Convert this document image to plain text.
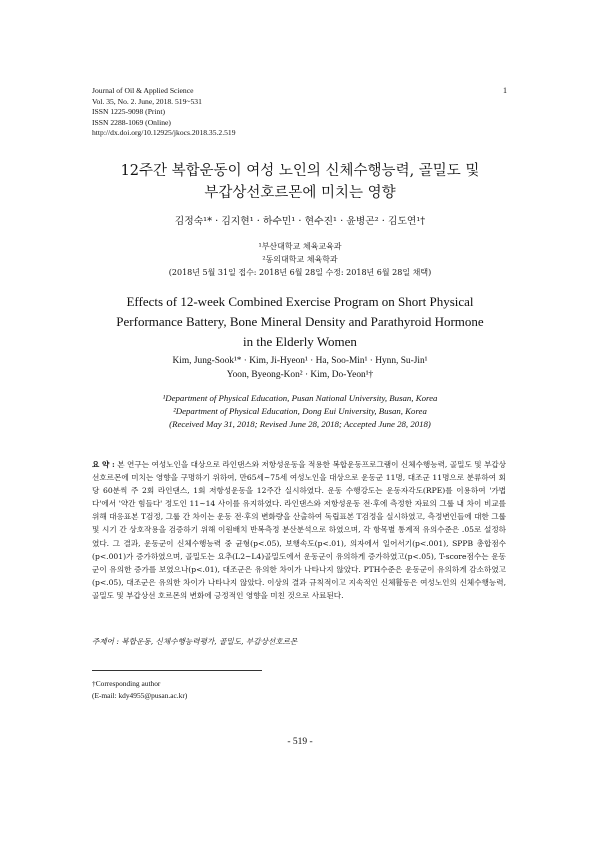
Journal of Oil & Applied Science
Vol. 35, No. 2. June, 2018. 519~531
ISSN 1225-9098 (Print)
ISSN 2288-1069 (Online)
http://dx.doi.org/10.12925/jkocs.2018.35.2.519
1
12주간 복합운동이 여성 노인의 신체수행능력, 골밀도 및
부갑상선호르몬에 미치는 영향
김정숙¹* · 김지현¹ · 하수민¹ · 현수진¹ · 윤병곤² · 김도연¹†
¹부산대학교 체육교육과
²동의대학교 체육학과
(2018년 5월 31일 접수: 2018년 6월 28일 수정: 2018년 6월 28일 채택)
Effects of 12-week Combined Exercise Program on Short Physical
Performance Battery, Bone Mineral Density and Parathyroid Hormone
in the Elderly Women
Kim, Jung-Sook¹* · Kim, Ji-Hyeon¹ · Ha, Soo-Min¹ · Hynn, Su-Jin¹
Yoon, Byeong-Kon² · Kim, Do-Yeon¹†
¹Department of Physical Education, Pusan National University, Busan, Korea
²Department of Physical Education, Dong Eui University, Busan, Korea
(Received May 31, 2018; Revised June 28, 2018; Accepted June 28, 2018)
요 약 : 본 연구는 여성노인을 대상으로 라인댄스와 저항성운동을 적용한 복합운동프로그램이 신체수행능력, 골밀도 및 부갑상선호르몬에 미치는 영향을 구명하기 위하여, 만65세~75세 여성노인을 대상으로 운동군 11명, 대조군 11명으로 분류하여 회당 60분씩 주 2회 라인댄스, 1회 저항성운동을 12주간 실시하였다. 운동 수행강도는 운동자각도(RPE)를 이용하여 '가볍다'에서 '약간 힘들다' 정도인 11~14 사이를 유지하였다. 라인댄스와 저항성운동 전·후에 측정한 자료의 그룹 내 차이 비교를 위해 대응표본 T검정, 그룹 간 차이는 운동 전·후의 변화량을 산출하여 독립표본 T검정을 실시하였고, 측정변인들에 대한 그룹 및 시기 간 상호작용을 검증하기 위해 이원배치 반복측정 분산분석으로 하였으며, 각 항목별 통계적 유의수준은 .05로 설정하였다. 그 결과, 운동군이 신체수행능력 중 균형(p<.05), 보행속도(p<.01), 의자에서 일어서기(p<.001), SPPB 총합점수(p<.001)가 증가하였으며, 골밀도는 요추(L2~L4)골밀도에서 운동군이 유의하게 증가하였고(p<.05), T-score점수는 운동군이 유의한 증가를 보였으나(p<.01), 대조군은 유의한 차이가 나타나지 않았다. PTH수준은 운동군이 유의하게 감소하였고(p<.05), 대조군은 유의한 차이가 나타나지 않았다. 이상의 결과 규칙적이고 지속적인 신체활동은 여성노인의 신체수행능력, 골밀도 및 부갑상선 호르몬의 변화에 긍정적인 영향을 미친 것으로 사료된다.
주제어 : 복합운동, 신체수행능력평가, 골밀도, 부갑상선호르몬
†Corresponding author
(E-mail: kdy4955@pusan.ac.kr)
- 519 -
